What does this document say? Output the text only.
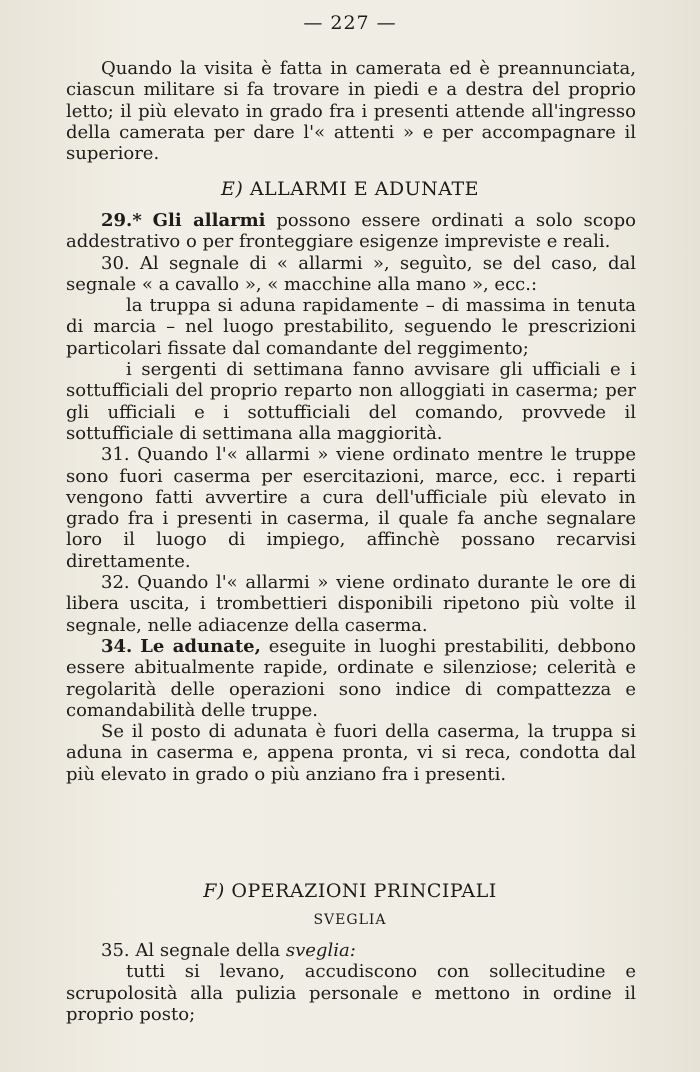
— 227 —

Quando la visita è fatta in camerata ed è preannunciata, ciascun militare si fa trovare in piedi e a destra del proprio letto; il più elevato in grado fra i presenti attende all'ingresso della camerata per dare l'« attenti » e per accompagnare il superiore.

E) ALLARMI E ADUNATE

29.* Gli allarmi possono essere ordinati a solo scopo addestrativo o per fronteggiare esigenze impreviste e reali.

30. Al segnale di « allarmi », seguìto, se del caso, dal segnale « a cavallo », « macchine alla mano », ecc.:

la truppa si aduna rapidamente – di massima in tenuta di marcia – nel luogo prestabilito, seguendo le prescrizioni particolari fissate dal comandante del reggimento;

i sergenti di settimana fanno avvisare gli ufficiali e i sottufficiali del proprio reparto non alloggiati in caserma; per gli ufficiali e i sottufficiali del comando, provvede il sottufficiale di settimana alla maggiorità.

31. Quando l'« allarmi » viene ordinato mentre le truppe sono fuori caserma per esercitazioni, marce, ecc. i reparti vengono fatti avvertire a cura dell'ufficiale più elevato in grado fra i presenti in caserma, il quale fa anche segnalare loro il luogo di impiego, affinchè possano recarvisi direttamente.

32. Quando l'« allarmi » viene ordinato durante le ore di libera uscita, i trombettieri disponibili ripetono più volte il segnale, nelle adiacenze della caserma.

34. Le adunate, eseguite in luoghi prestabiliti, debbono essere abitualmente rapide, ordinate e silenziose; celerità e regolarità delle operazioni sono indice di compattezza e comandabilità delle truppe.

Se il posto di adunata è fuori della caserma, la truppa si aduna in caserma e, appena pronta, vi si reca, condotta dal più elevato in grado o più anziano fra i presenti.

F) OPERAZIONI PRINCIPALI
SVEGLIA

35. Al segnale della sveglia:

tutti si levano, accudiscono con sollecitudine e scrupolosità alla pulizia personale e mettono in ordine il proprio posto;
